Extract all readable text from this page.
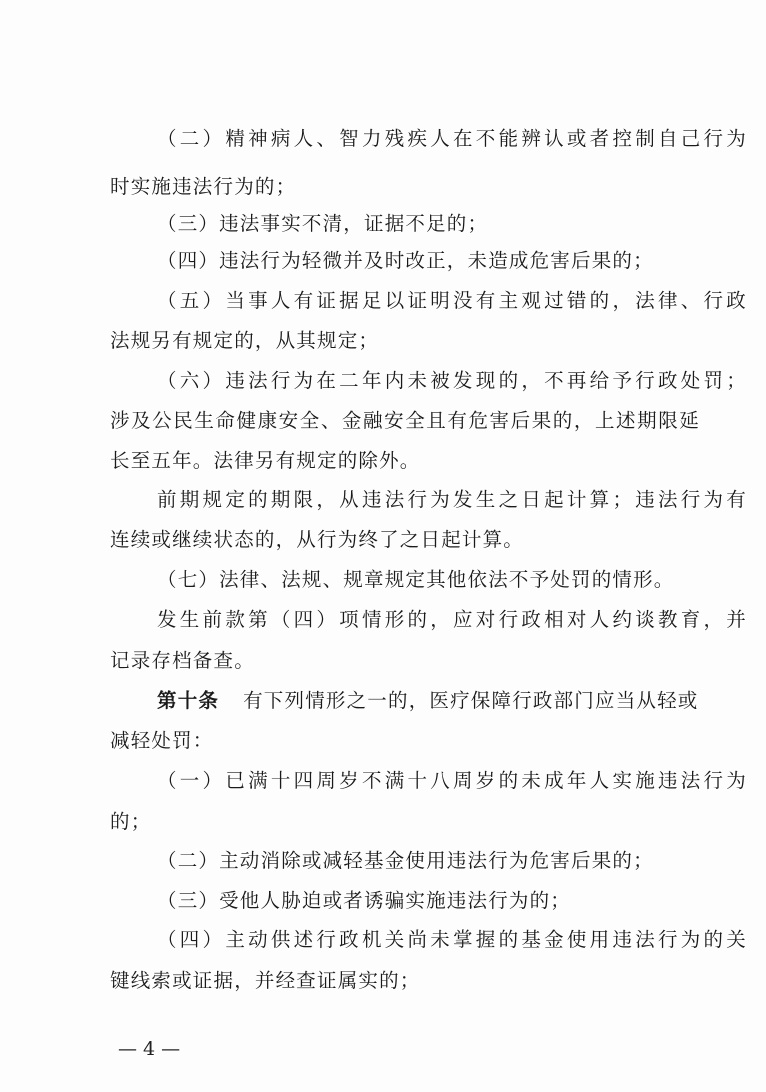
（二）精神病人、智力残疾人在不能辨认或者控制自己行为
时实施违法行为的；
（三）违法事实不清，证据不足的；
（四）违法行为轻微并及时改正，未造成危害后果的；
（五）当事人有证据足以证明没有主观过错的，法律、行政
法规另有规定的，从其规定；
（六）违法行为在二年内未被发现的，不再给予行政处罚；
涉及公民生命健康安全、金融安全且有危害后果的，上述期限延
长至五年。法律另有规定的除外。
前期规定的期限，从违法行为发生之日起计算；违法行为有
连续或继续状态的，从行为终了之日起计算。
（七）法律、法规、规章规定其他依法不予处罚的情形。
发生前款第（四）项情形的，应对行政相对人约谈教育，并
记录存档备查。
第十条 有下列情形之一的，医疗保障行政部门应当从轻或
减轻处罚：
（一）已满十四周岁不满十八周岁的未成年人实施违法行为
的；
（二）主动消除或减轻基金使用违法行为危害后果的；
（三）受他人胁迫或者诱骗实施违法行为的；
（四）主动供述行政机关尚未掌握的基金使用违法行为的关
键线索或证据，并经查证属实的；
— 4 —
